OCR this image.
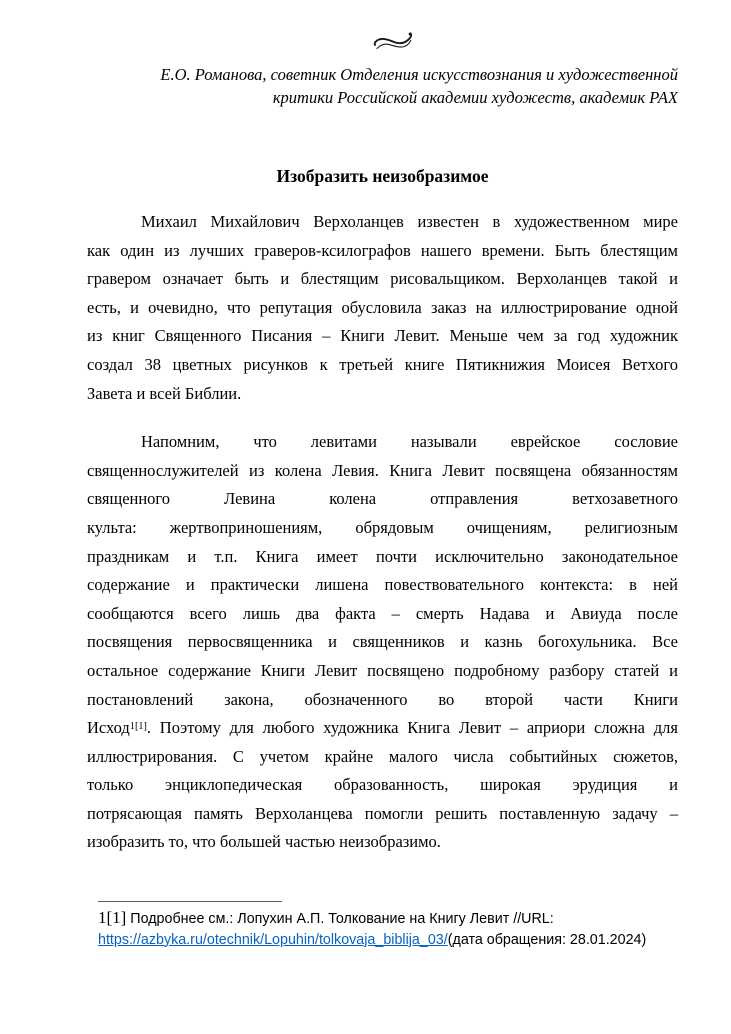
Е.О. Романова, советник Отделения искусствознания и художественной
критики Российской академии художеств, академик РАХ
Изобразить неизобразимое
Михаил Михайлович Верхоланцев известен в художественном мире
как один из лучших граверов-ксилографов нашего времени. Быть блестящим
гравером означает быть и блестящим рисовальщиком. Верхоланцев такой и
есть, и очевидно, что репутация обусловила заказ на иллюстрирование одной
из книг Священного Писания – Книги Левит. Меньше чем за год художник
создал 38 цветных рисунков к третьей книге Пятикнижия Моисея Ветхого
Завета и всей Библии.
Напомним, что левитами называли еврейское сословие
священнослужителей из колена Левия. Книга Левит посвящена обязанностям
священного Левина колена отправления ветхозаветного
культа: жертвоприношениям, обрядовым очищениям, религиозным
праздникам и т.п. Книга имеет почти исключительно законодательное
содержание и практически лишена повествовательного контекста: в ней
сообщаются всего лишь два факта – смерть Надава и Авиуда после
посвящения первосвященника и священников и казнь богохульника. Все
остальное содержание Книги Левит посвящено подробному разбору статей и
постановлений закона, обозначенного во второй части Книги
Исход$^{1[1]}$. Поэтому для любого художника Книга Левит – априори сложна для
иллюстрирования. С учетом крайне малого числа событийных сюжетов,
только энциклопедическая образованность, широкая эрудиция и
потрясающая память Верхоланцева помогли решить поставленную задачу –
изобразить то, что большей частью неизобразимо.
1[1] Подробнее см.: Лопухин А.П. Толкование на Книгу Левит //URL:
https://azbyka.ru/otechnik/Lopuhin/tolkovaja_biblija_03/(дата обращения: 28.01.2024)
